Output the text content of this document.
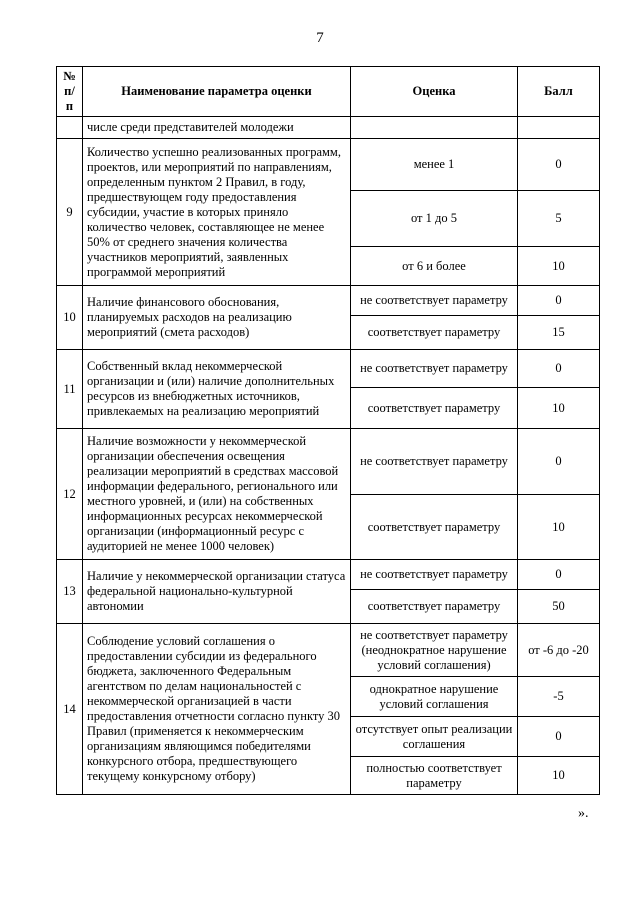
7
№ п/п	Наименование параметра оценки	Оценка	Балл
	числе среди представителей молодежи		
9	Количество успешно реализованных программ, проектов, или мероприятий по направлениям, определенным пунктом 2 Правил, в году, предшествующем году предоставления субсидии, участие в которых приняло количество человек, составляющее не менее 50% от среднего значения количества участников мероприятий, заявленных программой мероприятий	менее 1	0
		от 1 до 5	5
		от 6 и более	10
10	Наличие финансового обоснования, планируемых расходов на реализацию мероприятий (смета расходов)	не соответствует параметру	0
		соответствует параметру	15
11	Собственный вклад некоммерческой организации и (или) наличие дополнительных ресурсов из внебюджетных источников, привлекаемых на реализацию мероприятий	не соответствует параметру	0
		соответствует параметру	10
12	Наличие возможности у некоммерческой организации обеспечения освещения реализации мероприятий в средствах массовой информации федерального, регионального или местного уровней, и (или) на собственных информационных ресурсах некоммерческой организации (информационный ресурс с аудиторией не менее 1000 человек)	не соответствует параметру	0
		соответствует параметру	10
13	Наличие у некоммерческой организации статуса федеральной национально-культурной автономии	не соответствует параметру	0
		соответствует параметру	50
14	Соблюдение условий соглашения о предоставлении субсидии из федерального бюджета, заключенного Федеральным агентством по делам национальностей с некоммерческой организацией в части предоставления отчетности согласно пункту 30 Правил (применяется к некоммерческим организациям являющимся победителями конкурсного отбора, предшествующего текущему конкурсному отбору)	не соответствует параметру (неоднократное нарушение условий соглашения)	от -6 до -20
		однократное нарушение условий соглашения	-5
		отсутствует опыт реализации соглашения	0
		полностью соответствует параметру	10
».
